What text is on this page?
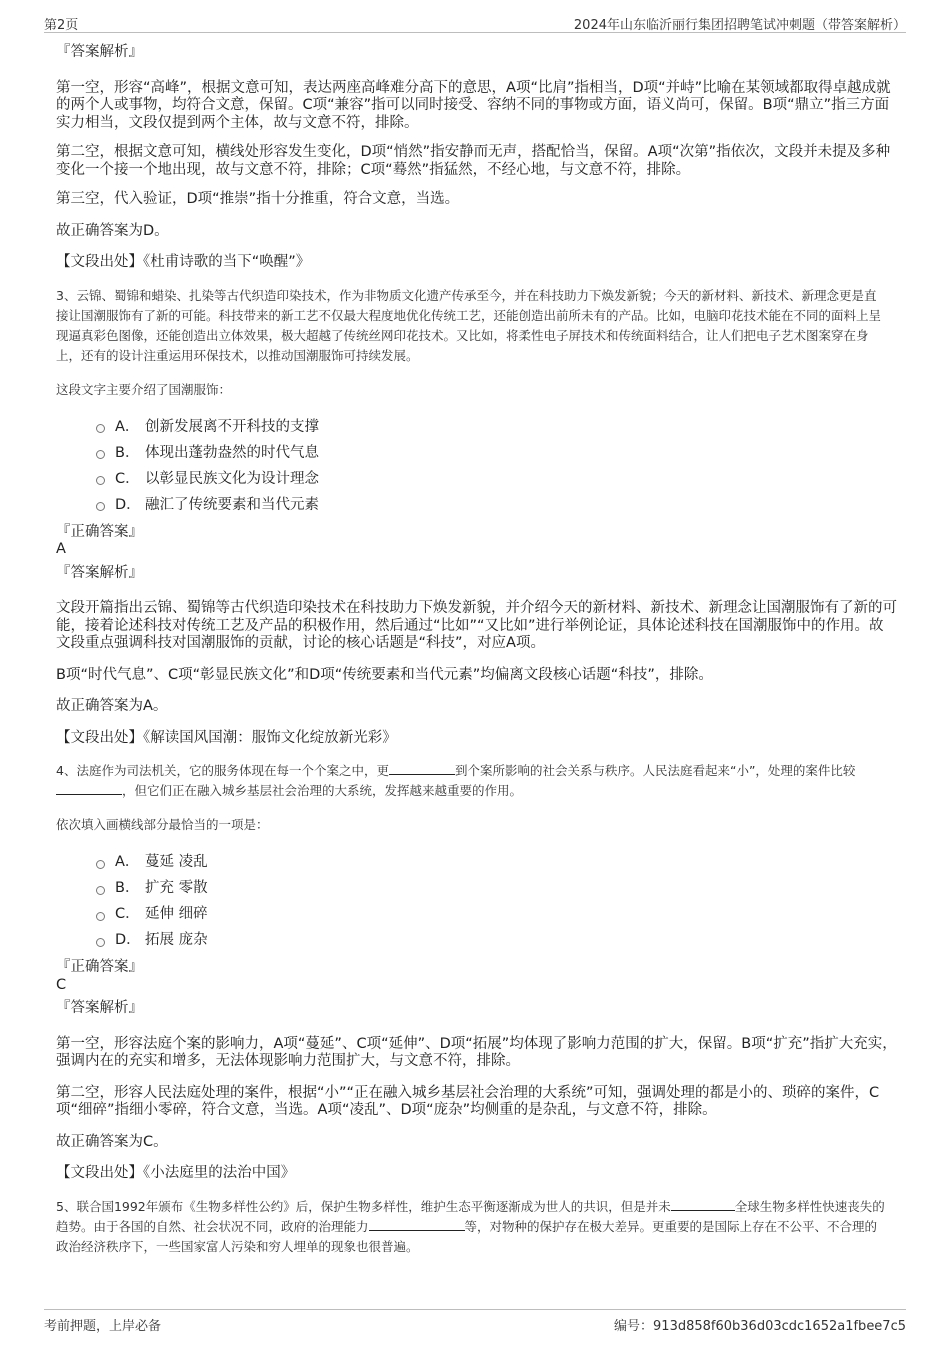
第2页	2024年山东临沂丽行集团招聘笔试冲刺题（带答案解析）

『答案解析』

第一空，形容“高峰”，根据文意可知，表达两座高峰难分高下的意思，A项“比肩”指相当，D项“并峙”比喻在某领域都取得卓越成就的两个人或事物，均符合文意，保留。C项“兼容”指可以同时接受、容纳不同的事物或方面，语义尚可，保留。B项“鼎立”指三方面实力相当，文段仅提到两个主体，故与文意不符，排除。

第二空，根据文意可知，横线处形容发生变化，D项“悄然”指安静而无声，搭配恰当，保留。A项“次第”指依次，文段并未提及多种变化一个接一个地出现，故与文意不符，排除；C项“蓦然”指猛然，不经心地，与文意不符，排除。

第三空，代入验证，D项“推崇”指十分推重，符合文意，当选。

故正确答案为D。

【文段出处】《杜甫诗歌的当下“唤醒”》

3、云锦、蜀锦和蜡染、扎染等古代织造印染技术，作为非物质文化遗产传承至今，并在科技助力下焕发新貌；今天的新材料、新技术、新理念更是直接让国潮服饰有了新的可能。科技带来的新工艺不仅最大程度地优化传统工艺，还能创造出前所未有的产品。比如，电脑印花技术能在不同的面料上呈现逼真彩色图像，还能创造出立体效果，极大超越了传统丝网印花技术。又比如，将柔性电子屏技术和传统面料结合，让人们把电子艺术图案穿在身上，还有的设计注重运用环保技术，以推动国潮服饰可持续发展。

这段文字主要介绍了国潮服饰：

A． 创新发展离不开科技的支撑
B． 体现出蓬勃盎然的时代气息
C． 以彰显民族文化为设计理念
D． 融汇了传统要素和当代元素

『正确答案』

A

『答案解析』

文段开篇指出云锦、蜀锦等古代织造印染技术在科技助力下焕发新貌，并介绍今天的新材料、新技术、新理念让国潮服饰有了新的可能，接着论述科技对传统工艺及产品的积极作用，然后通过“比如”“又比如”进行举例论证，具体论述科技在国潮服饰中的作用。故文段重点强调科技对国潮服饰的贡献，讨论的核心话题是“科技”，对应A项。

B项“时代气息”、C项“彰显民族文化”和D项“传统要素和当代元素”均偏离文段核心话题“科技”，排除。

故正确答案为A。

【文段出处】《解读国风国潮：服饰文化绽放新光彩》

4、法庭作为司法机关，它的服务体现在每一个个案之中，更	到个案所影响的社会关系与秩序。人民法庭看起来“小”，处理的案件比较，但它们正在融入城乡基层社会治理的大系统，发挥越来越重要的作用。

依次填入画横线部分最恰当的一项是：

A． 蔓延 凌乱
B． 扩充 零散
C． 延伸 细碎
D． 拓展 庞杂

『正确答案』

C

『答案解析』

第一空，形容法庭个案的影响力，A项“蔓延”、C项“延伸”、D项“拓展”均体现了影响力范围的扩大，保留。B项“扩充”指扩大充实，强调内在的充实和增多，无法体现影响力范围扩大，与文意不符，排除。

第二空，形容人民法庭处理的案件，根据“小”“正在融入城乡基层社会治理的大系统”可知，强调处理的都是小的、琐碎的案件，C项“细碎”指细小零碎，符合文意，当选。A项“凌乱”、D项“庞杂”均侧重的是杂乱，与文意不符，排除。

故正确答案为C。

【文段出处】《小法庭里的法治中国》

5、联合国1992年颁布《生物多样性公约》后，保护生物多样性，维护生态平衡逐渐成为世人的共识，但是并未	全球生物多样性快速丧失的趋势。由于各国的自然、社会状况不同，政府的治理能力	等，对物种的保护存在极大差异。更重要的是国际上存在不公平、不合理的政治经济秩序下，一些国家富人污染和穷人埋单的现象也很普遍。

考前押题，上岸必备	编号：913d858f60b36d03cdc1652a1fbee7c5
